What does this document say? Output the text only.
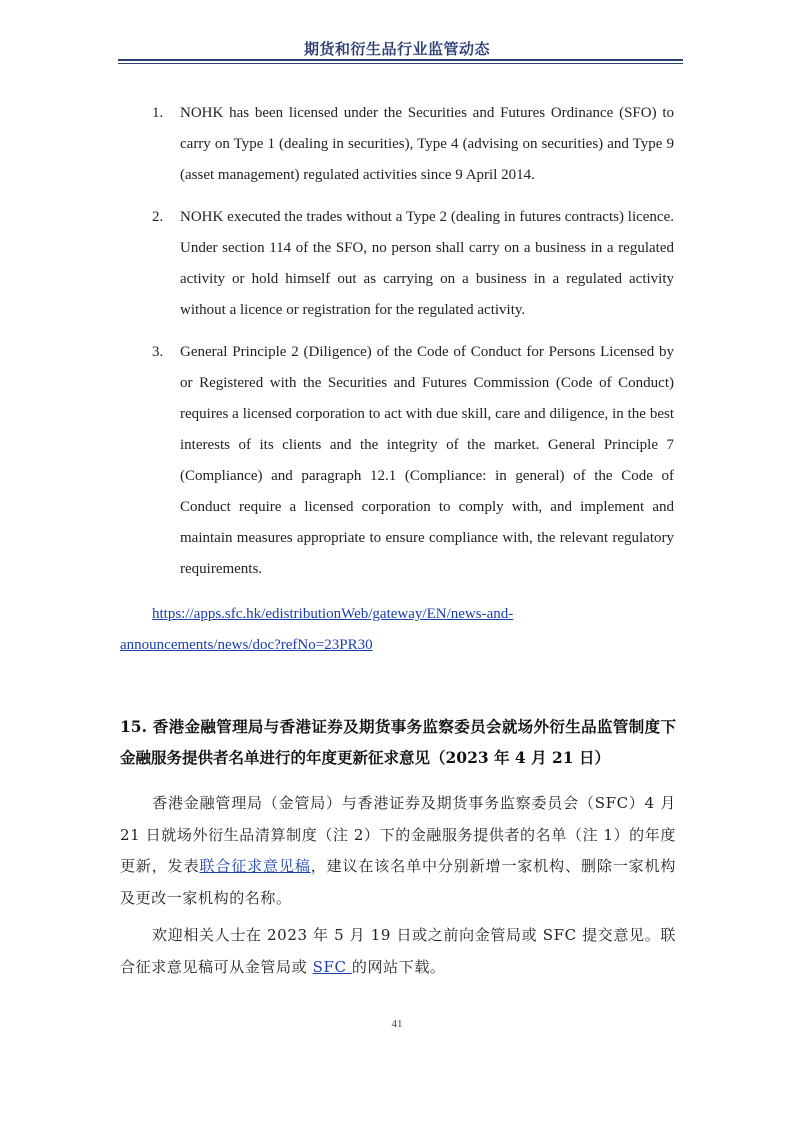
期货和衍生品行业监管动态
1. NOHK has been licensed under the Securities and Futures Ordinance (SFO) to carry on Type 1 (dealing in securities), Type 4 (advising on securities) and Type 9 (asset management) regulated activities since 9 April 2014.
2. NOHK executed the trades without a Type 2 (dealing in futures contracts) licence. Under section 114 of the SFO, no person shall carry on a business in a regulated activity or hold himself out as carrying on a business in a regulated activity without a licence or registration for the regulated activity.
3. General Principle 2 (Diligence) of the Code of Conduct for Persons Licensed by or Registered with the Securities and Futures Commission (Code of Conduct) requires a licensed corporation to act with due skill, care and diligence, in the best interests of its clients and the integrity of the market. General Principle 7 (Compliance) and paragraph 12.1 (Compliance: in general) of the Code of Conduct require a licensed corporation to comply with, and implement and maintain measures appropriate to ensure compliance with, the relevant regulatory requirements.
https://apps.sfc.hk/edistributionWeb/gateway/EN/news-and-
announcements/news/doc?refNo=23PR30
15. 香港金融管理局与香港证券及期货事务监察委员会就场外衍生品监管制度下金融服务提供者名单进行的年度更新征求意见（2023 年 4 月 21 日）
香港金融管理局（金管局）与香港证券及期货事务监察委员会（SFC）4 月 21 日就场外衍生品清算制度（注 2）下的金融服务提供者的名单（注 1）的年度更新，发表联合征求意见稿，建议在该名单中分别新增一家机构、删除一家机构及更改一家机构的名称。
欢迎相关人士在 2023 年 5 月 19 日或之前向金管局或 SFC 提交意见。联合征求意见稿可从金管局或 SFC 的网站下载。
41
